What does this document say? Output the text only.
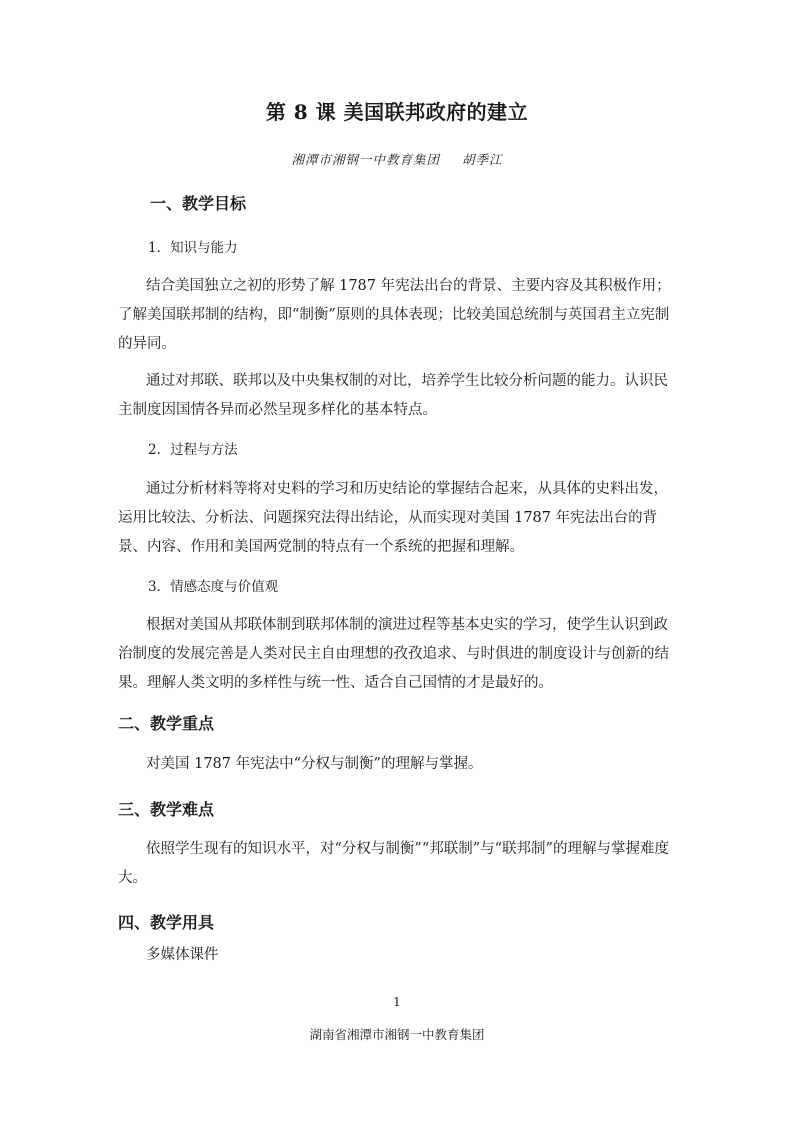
第 8 课 美国联邦政府的建立
湘潭市湘钢一中教育集团 胡季江
一、教学目标
1．知识与能力
结合美国独立之初的形势了解 1787 年宪法出台的背景、主要内容及其积极作用；了解美国联邦制的结构，即“制衡”原则的具体表现；比较美国总统制与英国君主立宪制的异同。
通过对邦联、联邦以及中央集权制的对比，培养学生比较分析问题的能力。认识民主制度因国情各异而必然呈现多样化的基本特点。
2．过程与方法
通过分析材料等将对史料的学习和历史结论的掌握结合起来，从具体的史料出发，运用比较法、分析法、问题探究法得出结论，从而实现对美国 1787 年宪法出台的背景、内容、作用和美国两党制的特点有一个系统的把握和理解。
3．情感态度与价值观
根据对美国从邦联体制到联邦体制的演进过程等基本史实的学习，使学生认识到政治制度的发展完善是人类对民主自由理想的孜孜追求、与时俱进的制度设计与创新的结果。理解人类文明的多样性与统一性、适合自己国情的才是最好的。
二、教学重点
对美国 1787 年宪法中“分权与制衡”的理解与掌握。
三、教学难点
依照学生现有的知识水平，对“分权与制衡”“邦联制”与“联邦制”的理解与掌握难度大。
四、教学用具
多媒体课件
1
湖南省湘潭市湘钢一中教育集团
